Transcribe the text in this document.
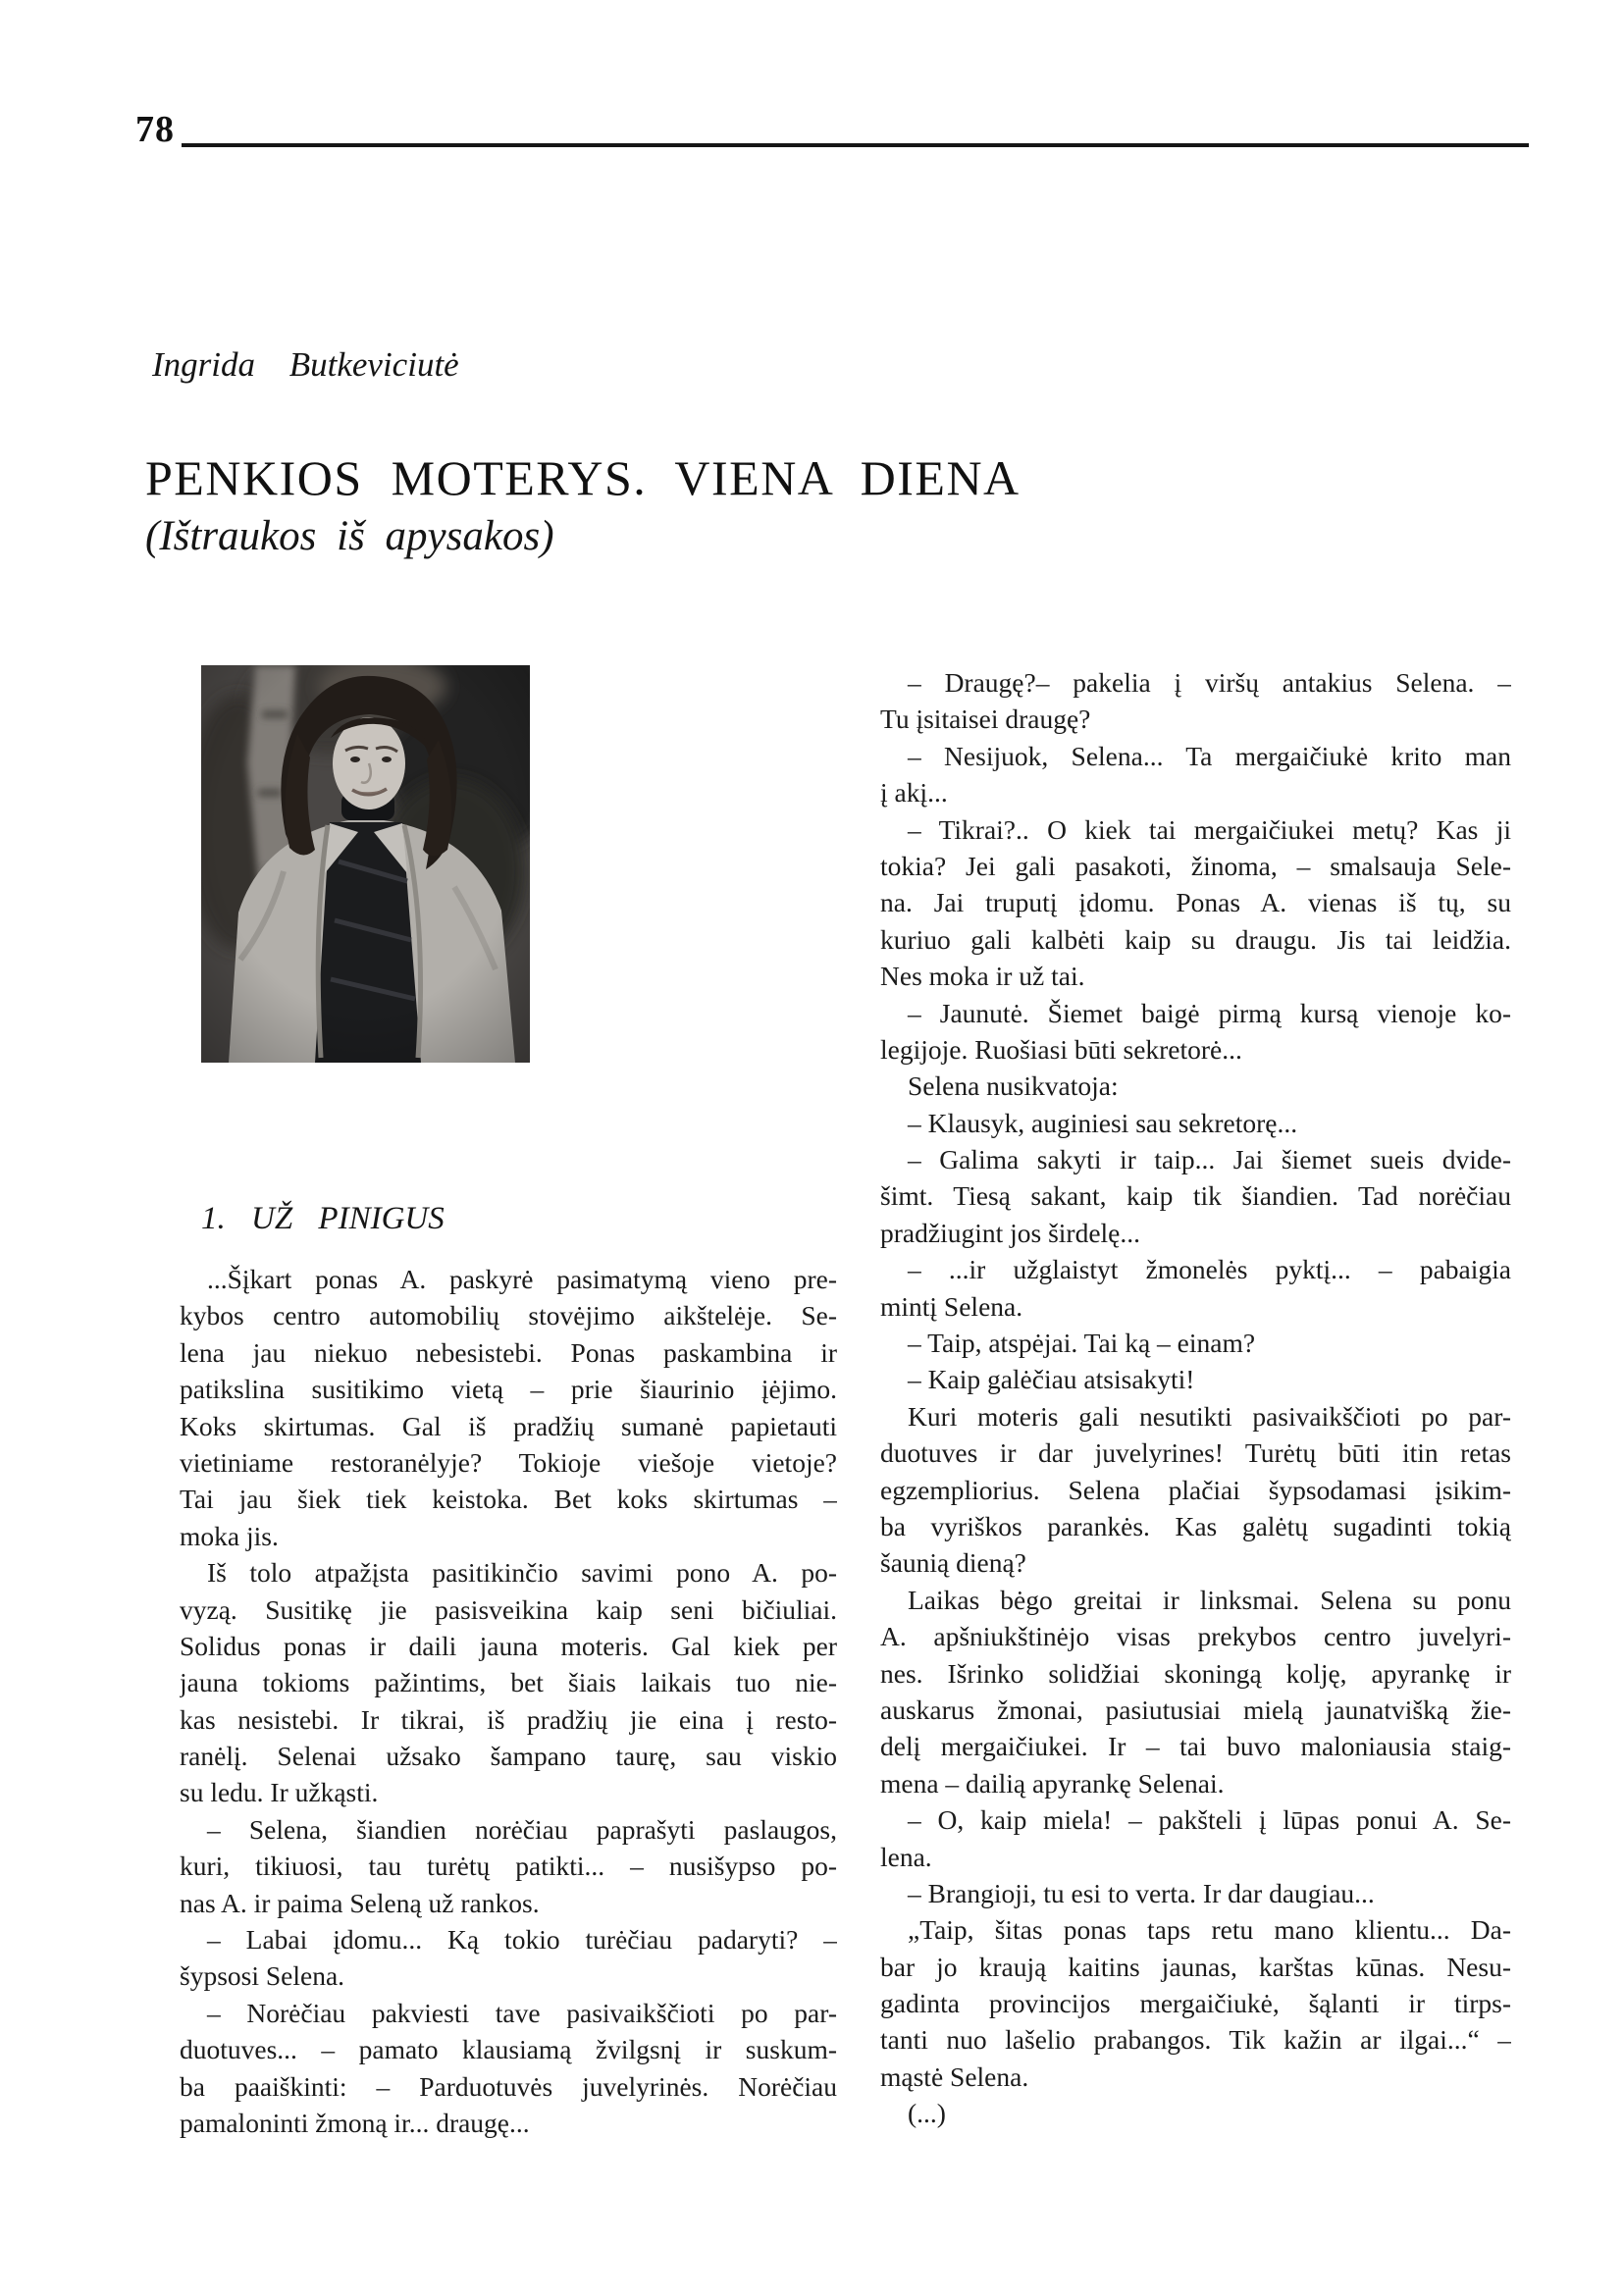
78
Ingrida Butkeviciutė
PENKIOS MOTERYS. VIENA DIENA
(Ištraukos iš apysakos)
1. UŽ PINIGUS
...Šįkart ponas A. paskyrė pasimatymą vieno pre-
kybos centro automobilių stovėjimo aikštelėje. Se-
lena jau niekuo nebesistebi. Ponas paskambina ir
patikslina susitikimo vietą – prie šiaurinio įėjimo.
Koks skirtumas. Gal iš pradžių sumanė papietauti
vietiniame restoranėlyje? Tokioje viešoje vietoje?
Tai jau šiek tiek keistoka. Bet koks skirtumas –
moka jis.
Iš tolo atpažįsta pasitikinčio savimi pono A. po-
vyzą. Susitikę jie pasisveikina kaip seni bičiuliai.
Solidus ponas ir daili jauna moteris. Gal kiek per
jauna tokioms pažintims, bet šiais laikais tuo nie-
kas nesistebi. Ir tikrai, iš pradžių jie eina į resto-
ranėlį. Selenai užsako šampano taurę, sau viskio
su ledu. Ir užkąsti.
– Selena, šiandien norėčiau paprašyti paslaugos,
kuri, tikiuosi, tau turėtų patikti... – nusišypso po-
nas A. ir paima Seleną už rankos.
– Labai įdomu... Ką tokio turėčiau padaryti? –
šypsosi Selena.
– Norėčiau pakviesti tave pasivaikščioti po par-
duotuves... – pamato klausiamą žvilgsnį ir suskum-
ba paaiškinti: – Parduotuvės juvelyrinės. Norėčiau
pamaloninti žmoną ir... draugę...
– Draugę?– pakelia į viršų antakius Selena. –
Tu įsitaisei draugę?
– Nesijuok, Selena... Ta mergaičiukė krito man
į akį...
– Tikrai?.. O kiek tai mergaičiukei metų? Kas ji
tokia? Jei gali pasakoti, žinoma, – smalsauja Sele-
na. Jai truputį įdomu. Ponas A. vienas iš tų, su
kuriuo gali kalbėti kaip su draugu. Jis tai leidžia.
Nes moka ir už tai.
– Jaunutė. Šiemet baigė pirmą kursą vienoje ko-
legijoje. Ruošiasi būti sekretorė...
Selena nusikvatoja:
– Klausyk, auginiesi sau sekretorę...
– Galima sakyti ir taip... Jai šiemet sueis dvide-
šimt. Tiesą sakant, kaip tik šiandien. Tad norėčiau
pradžiugint jos širdelę...
– ...ir užglaistyt žmonelės pyktį... – pabaigia
mintį Selena.
– Taip, atspėjai. Tai ką – einam?
– Kaip galėčiau atsisakyti!
Kuri moteris gali nesutikti pasivaikščioti po par-
duotuves ir dar juvelyrines! Turėtų būti itin retas
egzempliorius. Selena plačiai šypsodamasi įsikim-
ba vyriškos parankės. Kas galėtų sugadinti tokią
šaunią dieną?
Laikas bėgo greitai ir linksmai. Selena su ponu
A. apšniukštinėjo visas prekybos centro juvelyri-
nes. Išrinko solidžiai skoningą kolję, apyrankę ir
auskarus žmonai, pasiutusiai mielą jaunatvišką žie-
delį mergaičiukei. Ir – tai buvo maloniausia staig-
mena – dailią apyrankę Selenai.
– O, kaip miela! – pakšteli į lūpas ponui A. Se-
lena.
– Brangioji, tu esi to verta. Ir dar daugiau...
„Taip, šitas ponas taps retu mano klientu... Da-
bar jo kraują kaitins jaunas, karštas kūnas. Nesu-
gadinta provincijos mergaičiukė, šąlanti ir tirps-
tanti nuo lašelio prabangos. Tik kažin ar ilgai...“ –
mąstė Selena.
(...)
